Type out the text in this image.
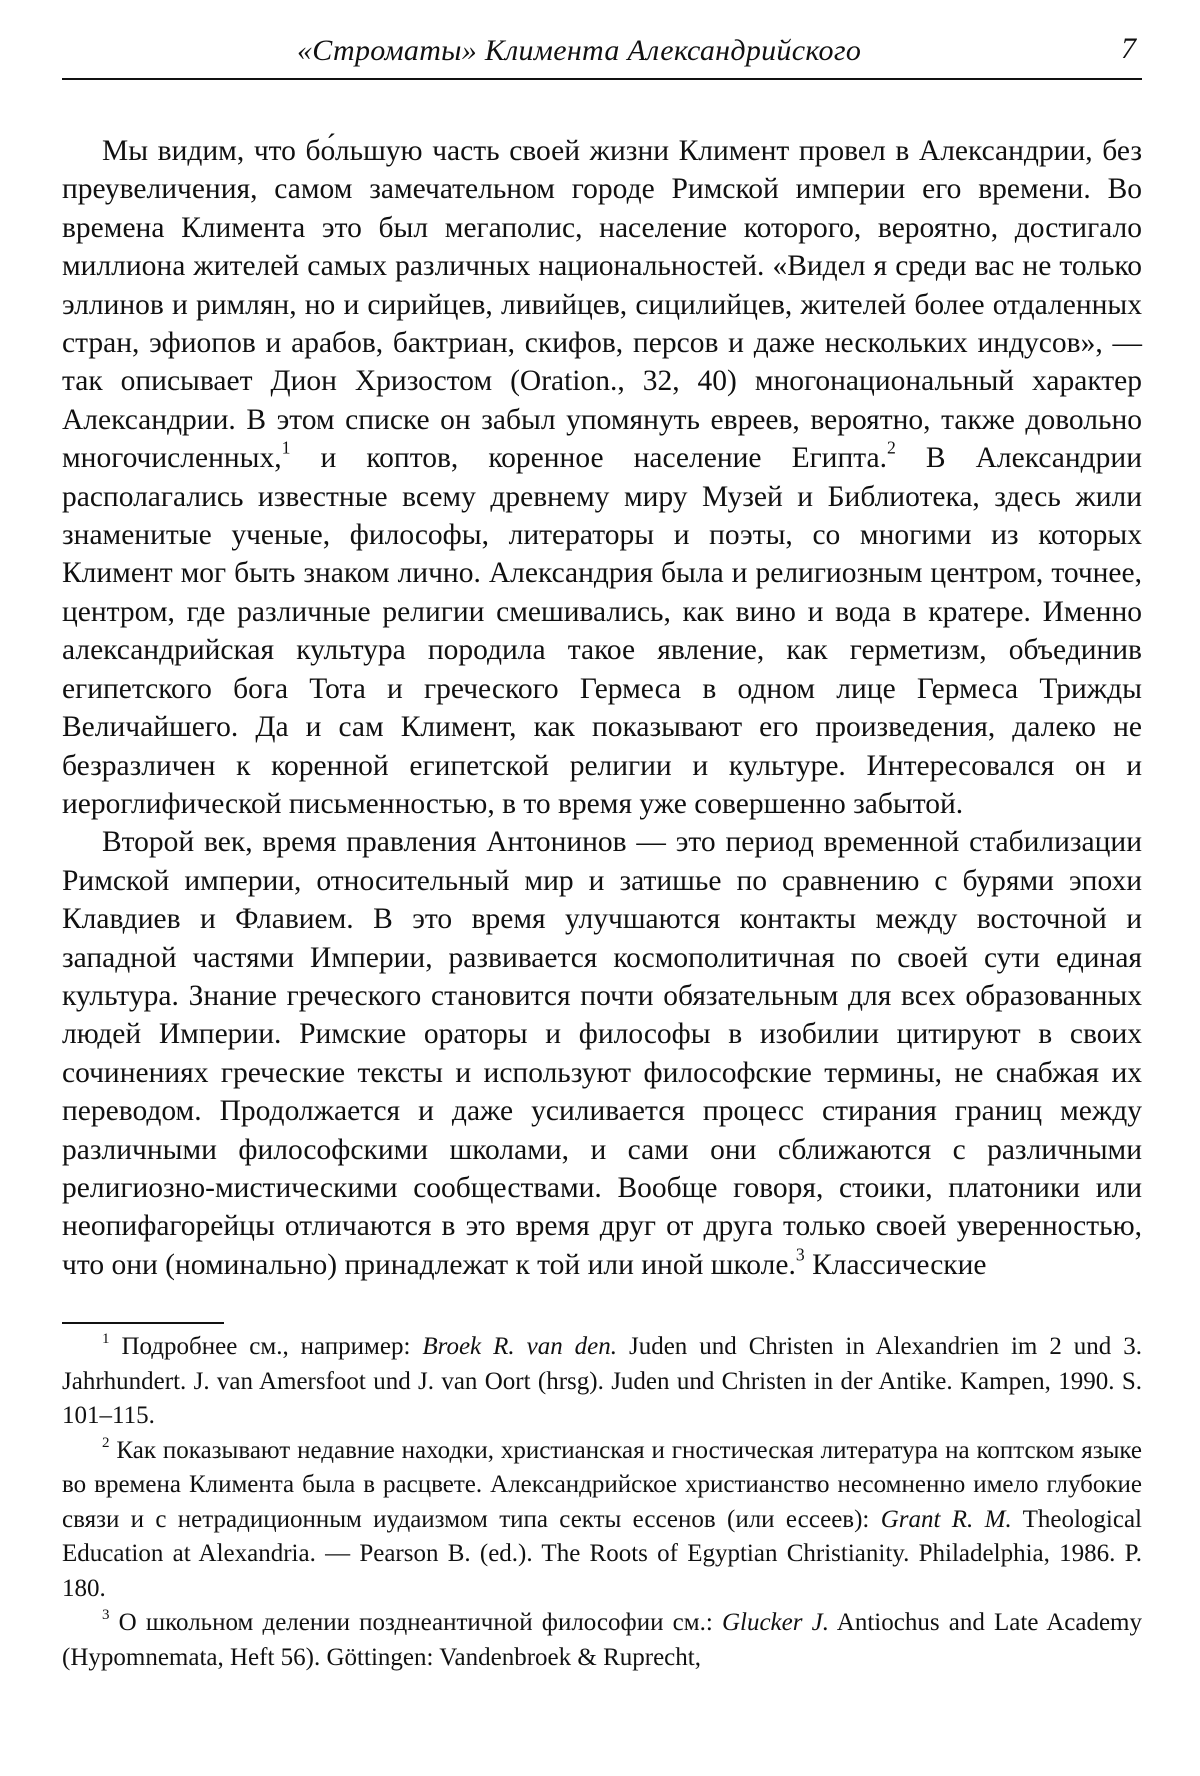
«Строматы» Климента Александрийского	7

Мы видим, что бо́льшую часть своей жизни Климент провел в Александрии, без преувеличения, самом замечательном городе Римской империи его времени. Во времена Климента это был мегаполис, население которого, вероятно, достигало миллиона жителей самых различных национальностей. «Видел я среди вас не только эллинов и римлян, но и сирийцев, ливийцев, сицилийцев, жителей более отдаленных стран, эфиопов и арабов, бактриан, скифов, персов и даже нескольких индусов», — так описывает Дион Хризостом (Oration., 32, 40) многонациональный характер Александрии. В этом списке он забыл упомянуть евреев, вероятно, также довольно многочисленных,$^1$ и коптов, коренное население Египта.$^2$ В Александрии располагались известные всему древнему миру Музей и Библиотека, здесь жили знаменитые ученые, философы, литераторы и поэты, со многими из которых Климент мог быть знаком лично. Александрия была и религиозным центром, точнее, центром, где различные религии смешивались, как вино и вода в кратере. Именно александрийская культура породила такое явление, как герметизм, объединив египетского бога Тота и греческого Гермеса в одном лице Гермеса Трижды Величайшего. Да и сам Климент, как показывают его произведения, далеко не безразличен к коренной египетской религии и культуре. Интересовался он и иероглифической письменностью, в то время уже совершенно забытой.

Второй век, время правления Антонинов — это период временной стабилизации Римской империи, относительный мир и затишье по сравнению с бурями эпохи Клавдиев и Флавием. В это время улучшаются контакты между восточной и западной частями Империи, развивается космополитичная по своей сути единая культура. Знание греческого становится почти обязательным для всех образованных людей Империи. Римские ораторы и философы в изобилии цитируют в своих сочинениях греческие тексты и используют философские термины, не снабжая их переводом. Продолжается и даже усиливается процесс стирания границ между различными философскими школами, и сами они сближаются с различными религиозно-мистическими сообществами. Вообще говоря, стоики, платоники или неопифагорейцы отличаются в это время друг от друга только своей уверенностью, что они (номинально) принадлежат к той или иной школе.$^3$ Классические

$^1$ Подробнее см., например: Broek R. van den. Juden und Christen in Alexandrien im 2 und 3. Jahrhundert. J. van Amersfoot und J. van Oort (hrsg). Juden und Christen in der Antike. Kampen, 1990. S. 101–115.

$^2$ Как показывают недавние находки, христианская и гностическая литература на коптском языке во времена Климента была в расцвете. Александрийское христианство несомненно имело глубокие связи и с нетрадиционным иудаизмом типа секты ессенов (или ессеев): Grant R. M. Theological Education at Alexandria. — Pearson B. (ed.). The Roots of Egyptian Christianity. Philadelphia, 1986. P. 180.

$^3$ О школьном делении позднеантичной философии см.: Glucker J. Antiochus and Late Academy (Hypomnemata, Heft 56). Göttingen: Vandenbroek & Ruprecht,
